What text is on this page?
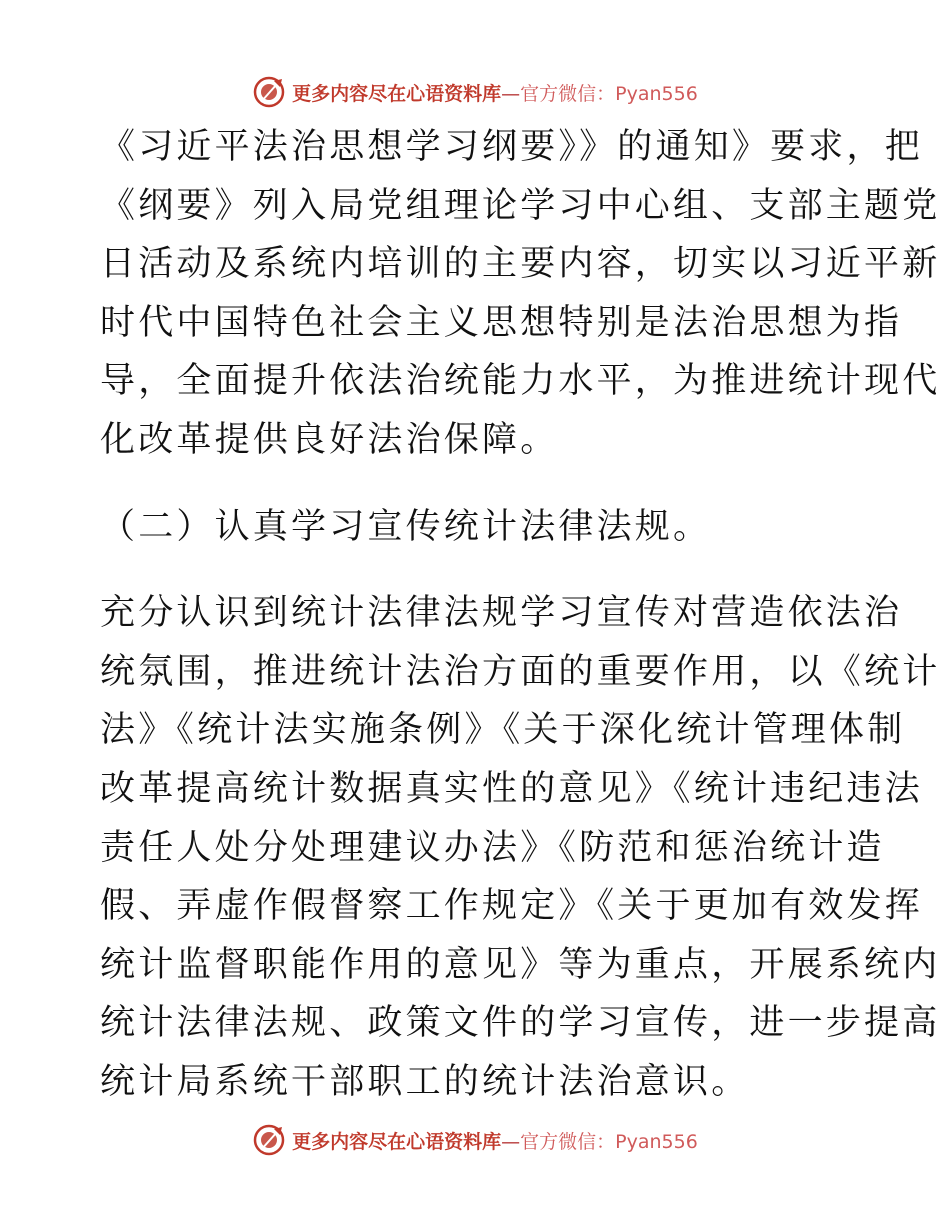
更多内容尽在心语资料库—官方微信：Pyan556
《习近平法治思想学习纲要》》的通知》要求，把
《纲要》列入局党组理论学习中心组、支部主题党
日活动及系统内培训的主要内容，切实以习近平新
时代中国特色社会主义思想特别是法治思想为指
导，全面提升依法治统能力水平，为推进统计现代
化改革提供良好法治保障。
（二）认真学习宣传统计法律法规。
充分认识到统计法律法规学习宣传对营造依法治
统氛围，推进统计法治方面的重要作用，以《统计
法》《统计法实施条例》《关于深化统计管理体制
改革提高统计数据真实性的意见》《统计违纪违法
责任人处分处理建议办法》《防范和惩治统计造
假、弄虚作假督察工作规定》《关于更加有效发挥
统计监督职能作用的意见》等为重点，开展系统内
统计法律法规、政策文件的学习宣传，进一步提高
统计局系统干部职工的统计法治意识。
更多内容尽在心语资料库—官方微信：Pyan556
